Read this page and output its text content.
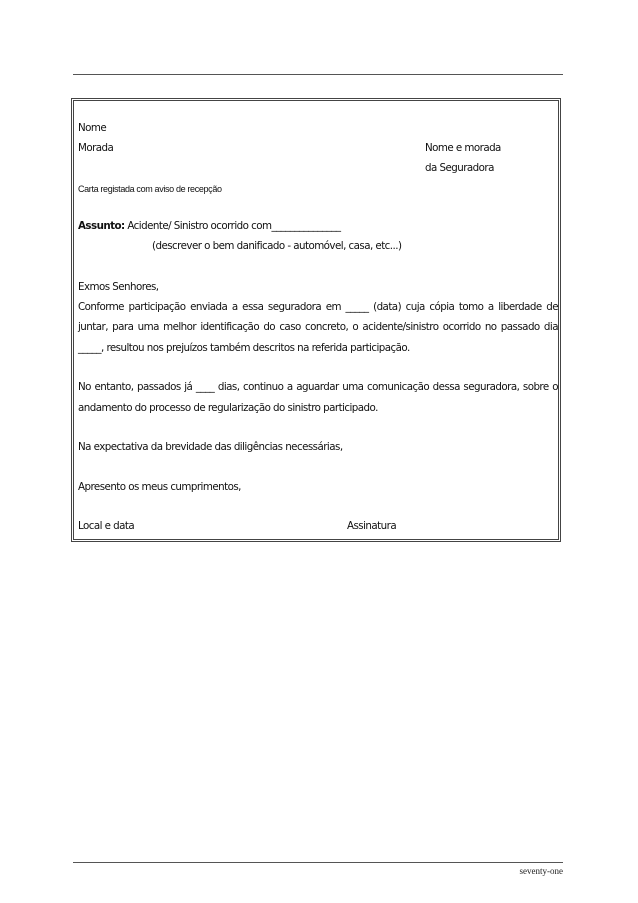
Nome
Morada	Nome e morada
da Seguradora
Carta registada com aviso de recepção
Assunto: Acidente/ Sinistro ocorrido com_______________
(descrever o bem danificado - automóvel, casa, etc...)
Exmos Senhores,
Conforme participação enviada a essa seguradora em _____ (data) cuja cópia tomo a liberdade de
juntar, para uma melhor identificação do caso concreto, o acidente/sinistro ocorrido no passado dia
_____, resultou nos prejuízos também descritos na referida participação.
No entanto, passados já ____ dias, continuo a aguardar uma comunicação dessa seguradora, sobre o
andamento do processo de regularização do sinistro participado.
Na expectativa da brevidade das diligências necessárias,
Apresento os meus cumprimentos,
Local e data	Assinatura
seventy-one
